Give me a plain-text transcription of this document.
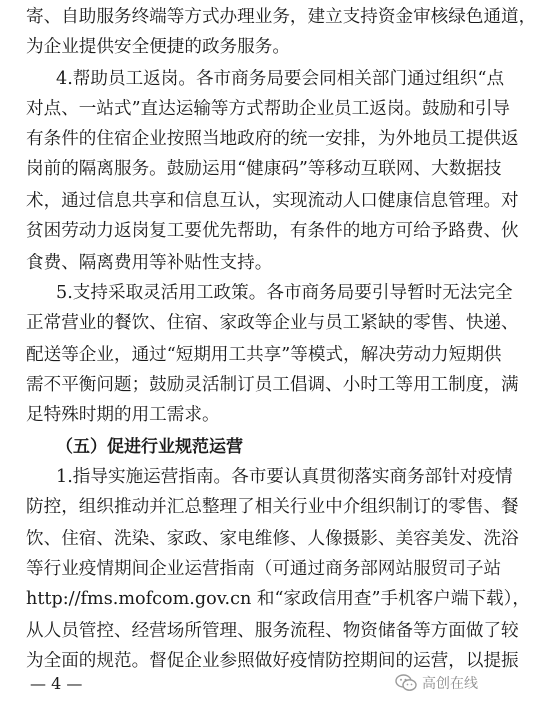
寄、自助服务终端等方式办理业务，建立支持资金审核绿色通道，
为企业提供安全便捷的政务服务。
4.帮助员工返岗。各市商务局要会同相关部门通过组织“点
对点、一站式”直达运输等方式帮助企业员工返岗。鼓励和引导
有条件的住宿企业按照当地政府的统一安排，为外地员工提供返
岗前的隔离服务。鼓励运用“健康码”等移动互联网、大数据技
术，通过信息共享和信息互认，实现流动人口健康信息管理。对
贫困劳动力返岗复工要优先帮助，有条件的地方可给予路费、伙
食费、隔离费用等补贴性支持。
5.支持采取灵活用工政策。各市商务局要引导暂时无法完全
正常营业的餐饮、住宿、家政等企业与员工紧缺的零售、快递、
配送等企业，通过“短期用工共享”等模式，解决劳动力短期供
需不平衡问题；鼓励灵活制订员工倡调、小时工等用工制度，满
足特殊时期的用工需求。
（五）促进行业规范运营
1.指导实施运营指南。各市要认真贯彻落实商务部针对疫情
防控，组织推动并汇总整理了相关行业中介组织制订的零售、餐
饮、住宿、洗染、家政、家电维修、人像摄影、美容美发、洗浴
等行业疫情期间企业运营指南（可通过商务部网站服贸司子站
http://fms.mofcom.gov.cn 和“家政信用查”手机客户端下载），
从人员管控、经营场所管理、服务流程、物资储备等方面做了较
为全面的规范。督促企业参照做好疫情防控期间的运营，以提振
— 4 —	高创在线
